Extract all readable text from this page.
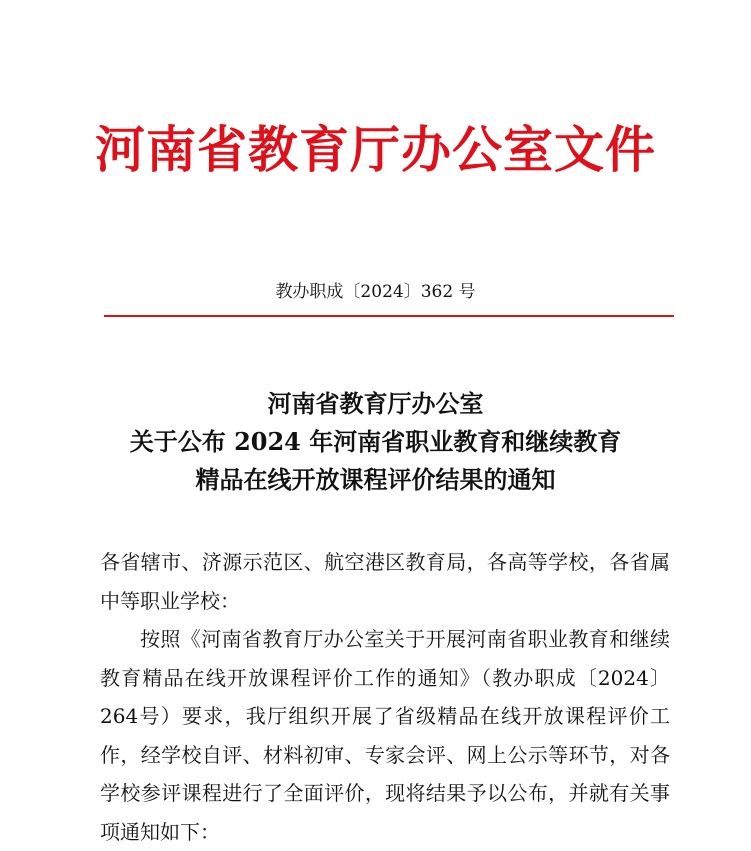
河南省教育厅办公室文件
教办职成〔2024〕362 号
河南省教育厅办公室
关于公布 2024 年河南省职业教育和继续教育
精品在线开放课程评价结果的通知

各省辖市、济源示范区、航空港区教育局，各高等学校，各省属中等职业学校：

按照《河南省教育厅办公室关于开展河南省职业教育和继续教育精品在线开放课程评价工作的通知》（教办职成〔2024〕264号）要求，我厅组织开展了省级精品在线开放课程评价工作，经学校自评、材料初审、专家会评、网上公示等环节，对各学校参评课程进行了全面评价，现将结果予以公布，并就有关事项通知如下：
